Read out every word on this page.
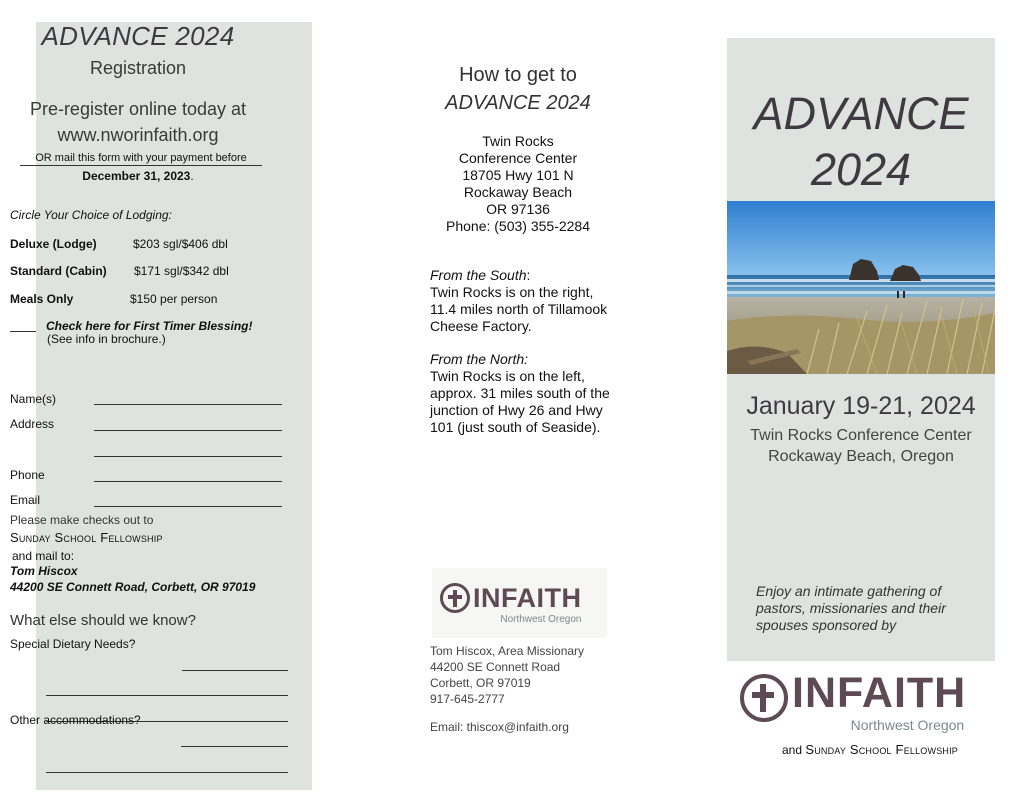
ADVANCE 2024
Registration
Pre-register online today at
www.nworinfaith.org
OR mail this form with your payment before
December 31, 2023.
Circle Your Choice of Lodging:
Deluxe (Lodge)	$203 sgl/$406 dbl
Standard (Cabin) $171 sgl/$342 dbl
Meals Only	$150 per person
Check here for First Timer Blessing!
(See info in brochure.)
Name(s)
Address
Phone
Email
Please make checks out to
Sunday School Fellowship
and mail to:
Tom Hiscox
44200 SE Connett Road, Corbett, OR 97019
What else should we know?
Special Dietary Needs?
Other accommodations?
How to get to
ADVANCE 2024
Twin Rocks
Conference Center
18705 Hwy 101 N
Rockaway Beach
OR 97136
Phone: (503) 355-2284
From the South:
Twin Rocks is on the right, 11.4 miles north of Tillamook Cheese Factory.
From the North:
Twin Rocks is on the left, approx. 31 miles south of the junction of Hwy 26 and Hwy 101 (just south of Seaside).
INFAITH
Northwest Oregon
Tom Hiscox, Area Missionary
44200 SE Connett Road
Corbett, OR 97019
917-645-2777
Email: thiscox@infaith.org
ADVANCE
2024
January 19-21, 2024
Twin Rocks Conference Center
Rockaway Beach, Oregon
Enjoy an intimate gathering of pastors, missionaries and their spouses sponsored by
INFAITH
Northwest Oregon
and Sunday School Fellowship
